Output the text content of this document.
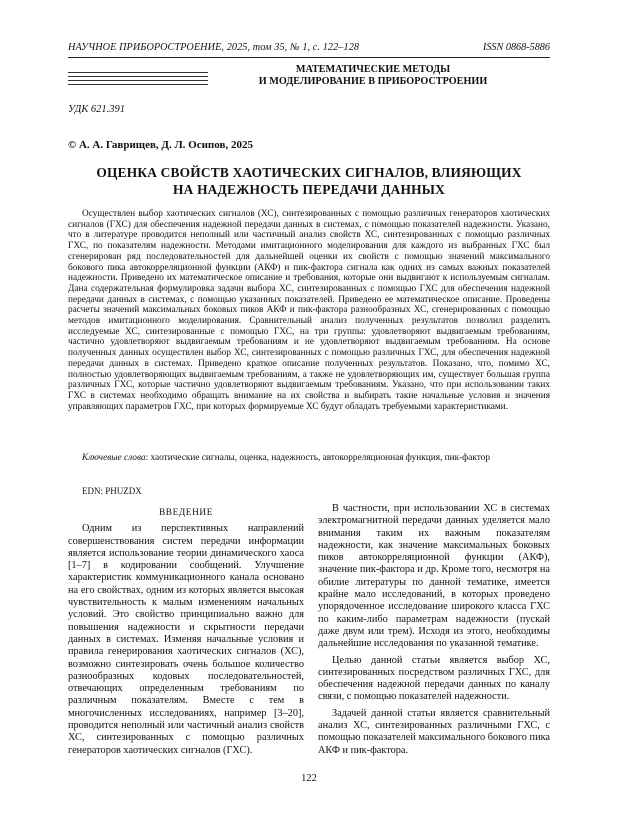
НАУЧНОЕ ПРИБОРОСТРОЕНИЕ, 2025, том 35, № 1, c. 122–128	ISSN 0868-5886
МАТЕМАТИЧЕСКИЕ МЕТОДЫ
И МОДЕЛИРОВАНИЕ В ПРИБОРОСТРОЕНИИ
УДК 621.391
© А. А. Гаврищев, Д. Л. Осипов, 2025
ОЦЕНКА СВОЙСТВ ХАОТИЧЕСКИХ СИГНАЛОВ, ВЛИЯЮЩИХ
НА НАДЕЖНОСТЬ ПЕРЕДАЧИ ДАННЫХ
Осуществлен выбор хаотических сигналов (ХС), синтезированных с помощью различных генераторов хаотических сигналов (ГХС) для обеспечения надежной передачи данных в системах, с помощью показателей надежности. Указано, что в литературе проводится неполный или частичный анализ свойств ХС, синтезированных с помощью различных ГХС, по показателям надежности. Методами имитационного моделирования для каждого из выбранных ГХС был сгенерирован ряд последовательностей для дальнейшей оценки их свойств с помощью значений максимального бокового пика автокорреляционной функции (АКФ) и пик-фактора сигнала как одних из самых важных показателей надежности. Приведено их математическое описание и требования, которые они выдвигают к используемым сигналам. Дана содержательная формулировка задачи выбора ХС, синтезированных с помощью ГХС для обеспечения надежной передачи данных в системах, с помощью указанных показателей. Приведено ее математическое описание. Проведены расчеты значений максимальных боковых пиков АКФ и пик-фактора разнообразных ХС, сгенерированных с помощью методов имитационного моделирования. Сравнительный анализ полученных результатов позволил разделить исследуемые ХС, синтезированные с помощью ГХС, на три группы: удовлетворяют выдвигаемым требованиям, частично удовлетворяют выдвигаемым требованиям и не удовлетворяют выдвигаемым требованиям. На основе полученных данных осуществлен выбор ХС, синтезированных с помощью различных ГХС, для обеспечения надежной передачи данных в системах. Приведено краткое описание полученных результатов. Показано, что, помимо ХС, полностью удовлетворяющих выдвигаемым требованиям, а также не удовлетворяющих им, существует большая группа различных ГХС, которые частично удовлетворяют выдвигаемым требованиям. Указано, что при использовании таких ГХС в системах необходимо обращать внимание на их свойства и выбирать такие начальные условия и значения управляющих параметров ГХС, при которых формируемые ХС будут обладать требуемыми характеристиками.
Ключевые слова: хаотические сигналы, оценка, надежность, автокорреляционная функция, пик-фактор
EDN: PHUZDX

ВВЕДЕНИЕ

Одним из перспективных направлений совершенствования систем передачи информации является использование теории динамического хаоса [1–7] в кодировании сообщений. Улучшение характеристик коммуникационного канала основано на его свойствах, одним из которых является высокая чувствительность к малым изменениям начальных условий. Это свойство принципиально важно для повышения надежности и скрытности передачи данных в системах. Изменяя начальные условия и правила генерирования хаотических сигналов (ХС), возможно синтезировать очень большое количество разнообразных кодовых последовательностей, отвечающих определенным требованиям по различным показателям. Вместе с тем в многочисленных исследованиях, например [3–20], проводится неполный или частичный анализ свойств ХС, синтезированных с помощью различных генераторов хаотических сигналов (ГХС).

В частности, при использовании ХС в системах электромагнитной передачи данных уделяется мало внимания таким их важным показателям надежности, как значение максимальных боковых пиков автокорреляционной функции (АКФ), значение пик-фактора и др. Кроме того, несмотря на обилие литературы по данной тематике, имеется крайне мало исследований, в которых проведено упорядоченное исследование широкого класса ГХС по каким-либо параметрам надежности (пускай даже двум или трем). Исходя из этого, необходимы дальнейшие исследования по указанной тематике.

Целью данной статьи является выбор ХС, синтезированных посредством различных ГХС, для обеспечения надежной передачи данных по каналу связи, с помощью показателей надежности.

Задачей данной статьи является сравнительный анализ ХС, синтезированных различными ГХС, с помощью показателей максимального бокового пика АКФ и пик-фактора.

122
